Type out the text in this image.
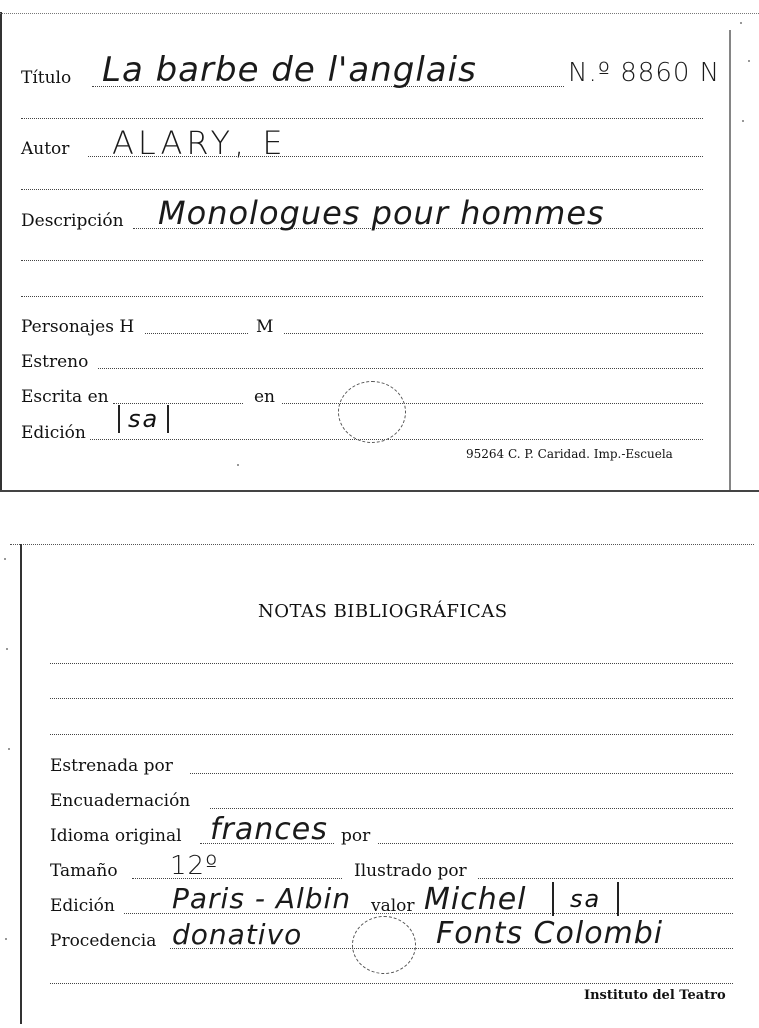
Título La barbe de l'anglais	N.º 8860 N
Autor ALARY, E
Descripción Monologues pour hommes
Personajes H	M
Estreno
Escrita en	en
Edición	sa
95264 C. P. Caridad. Imp.-Escuela
NOTAS BIBLIOGRÁFICAS
Estrenada por
Encuadernación
Idioma original frances por
Tamaño 12º	Ilustrado por
Edición Paris - Albin valor Michel	sa
Procedencia donativo	Fonts Colombi
Instituto del Teatro
